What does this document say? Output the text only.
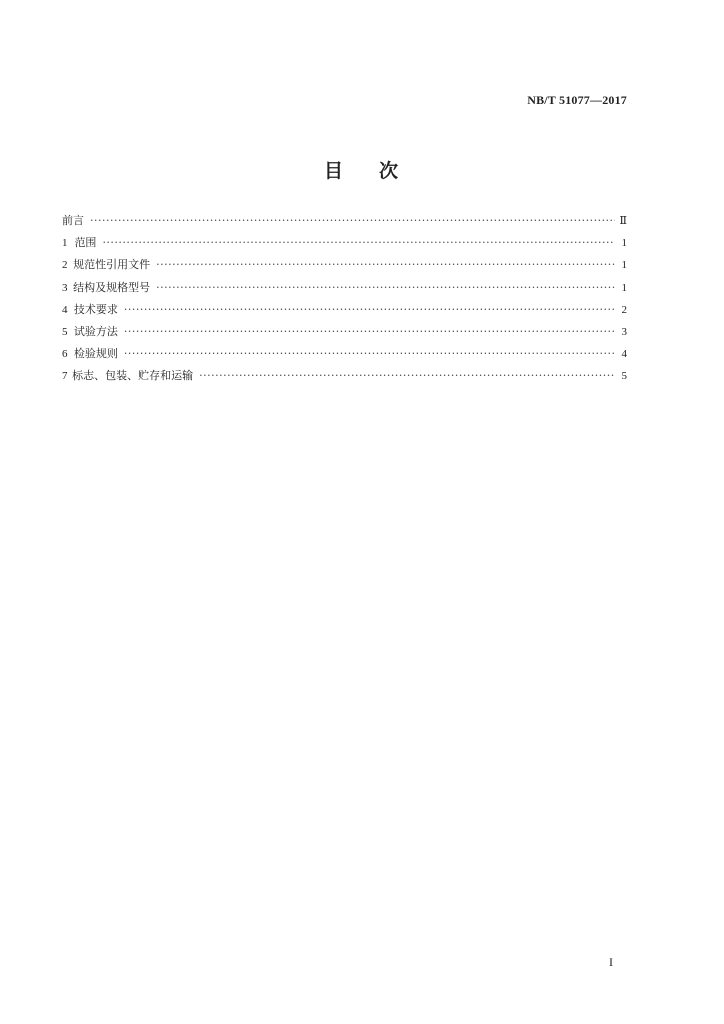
NB/T 51077—2017
目 次
前言 ·····	Ⅱ
1 范围 ·····	1
2 规范性引用文件 ·····	1
3 结构及规格型号 ·····	1
4 技术要求 ·····	2
5 试验方法 ·····	3
6 检验规则 ·····	4
7 标志、包装、贮存和运输 ·····	5
I
